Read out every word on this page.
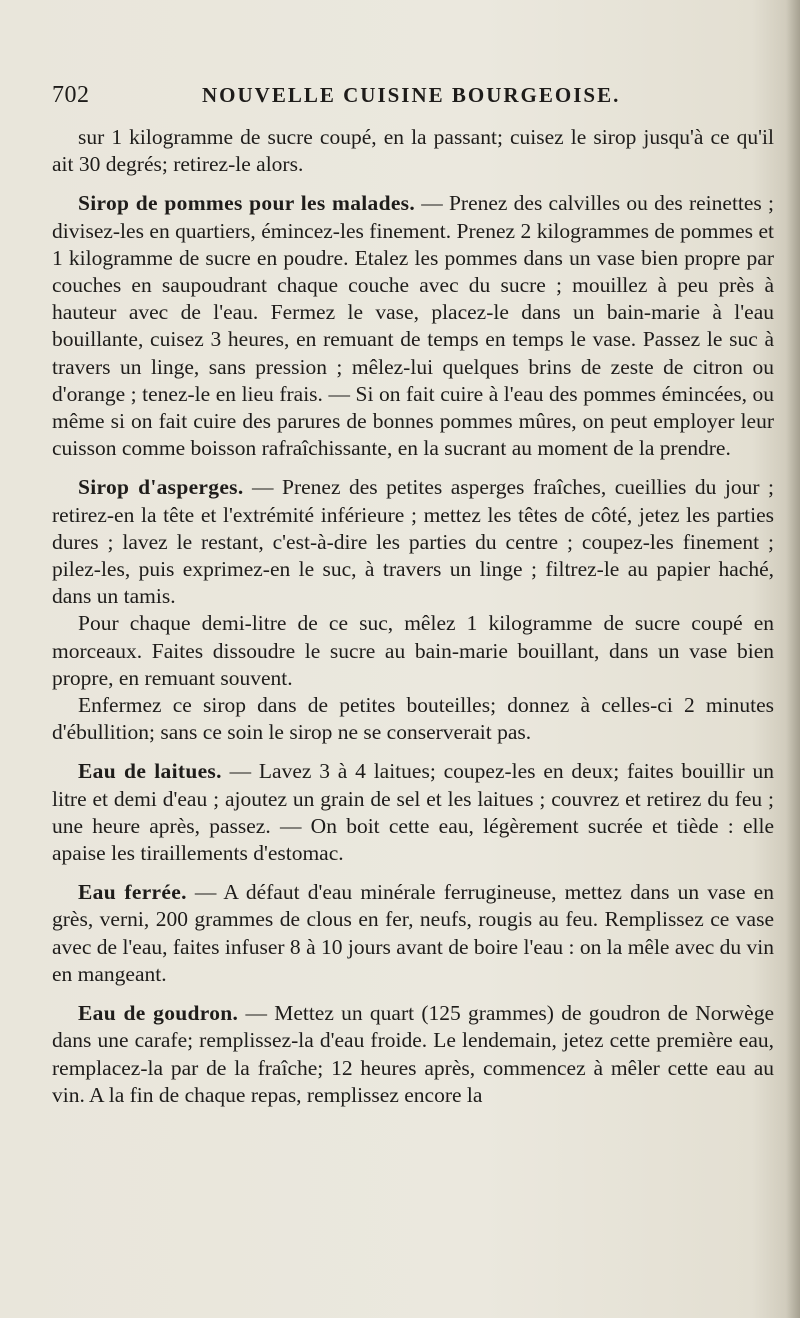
702	NOUVELLE CUISINE BOURGEOISE.

sur 1 kilogramme de sucre coupé, en la passant; cuisez le sirop jusqu'à ce qu'il ait 30 degrés; retirez-le alors.

Sirop de pommes pour les malades. — Prenez des calvilles ou des reinettes ; divisez-les en quartiers, émincez-les finement. Prenez 2 kilogrammes de pommes et 1 kilogramme de sucre en poudre. Etalez les pommes dans un vase bien propre par couches en saupoudrant chaque couche avec du sucre ; mouillez à peu près à hauteur avec de l'eau. Fermez le vase, placez-le dans un bain-marie à l'eau bouillante, cuisez 3 heures, en remuant de temps en temps le vase. Passez le suc à travers un linge, sans pression ; mêlez-lui quelques brins de zeste de citron ou d'orange ; tenez-le en lieu frais. — Si on fait cuire à l'eau des pommes émincées, ou même si on fait cuire des parures de bonnes pommes mûres, on peut employer leur cuisson comme boisson rafraîchissante, en la sucrant au moment de la prendre.

Sirop d'asperges. — Prenez des petites asperges fraîches, cueillies du jour ; retirez-en la tête et l'extrémité inférieure ; mettez les têtes de côté, jetez les parties dures ; lavez le restant, c'est-à-dire les parties du centre ; coupez-les finement ; pilez-les, puis exprimez-en le suc, à travers un linge ; filtrez-le au papier haché, dans un tamis.

Pour chaque demi-litre de ce suc, mêlez 1 kilogramme de sucre coupé en morceaux. Faites dissoudre le sucre au bain-marie bouillant, dans un vase bien propre, en remuant souvent.

Enfermez ce sirop dans de petites bouteilles; donnez à celles-ci 2 minutes d'ébullition; sans ce soin le sirop ne se conserverait pas.

Eau de laitues. — Lavez 3 à 4 laitues; coupez-les en deux; faites bouillir un litre et demi d'eau ; ajoutez un grain de sel et les laitues ; couvrez et retirez du feu ; une heure après, passez. — On boit cette eau, légèrement sucrée et tiède : elle apaise les tiraillements d'estomac.

Eau ferrée. — A défaut d'eau minérale ferrugineuse, mettez dans un vase en grès, verni, 200 grammes de clous en fer, neufs, rougis au feu. Remplissez ce vase avec de l'eau, faites infuser 8 à 10 jours avant de boire l'eau : on la mêle avec du vin en mangeant.

Eau de goudron. — Mettez un quart (125 grammes) de goudron de Norwège dans une carafe; remplissez-la d'eau froide. Le lendemain, jetez cette première eau, remplacez-la par de la fraîche; 12 heures après, commencez à mêler cette eau au vin. A la fin de chaque repas, remplissez encore la
